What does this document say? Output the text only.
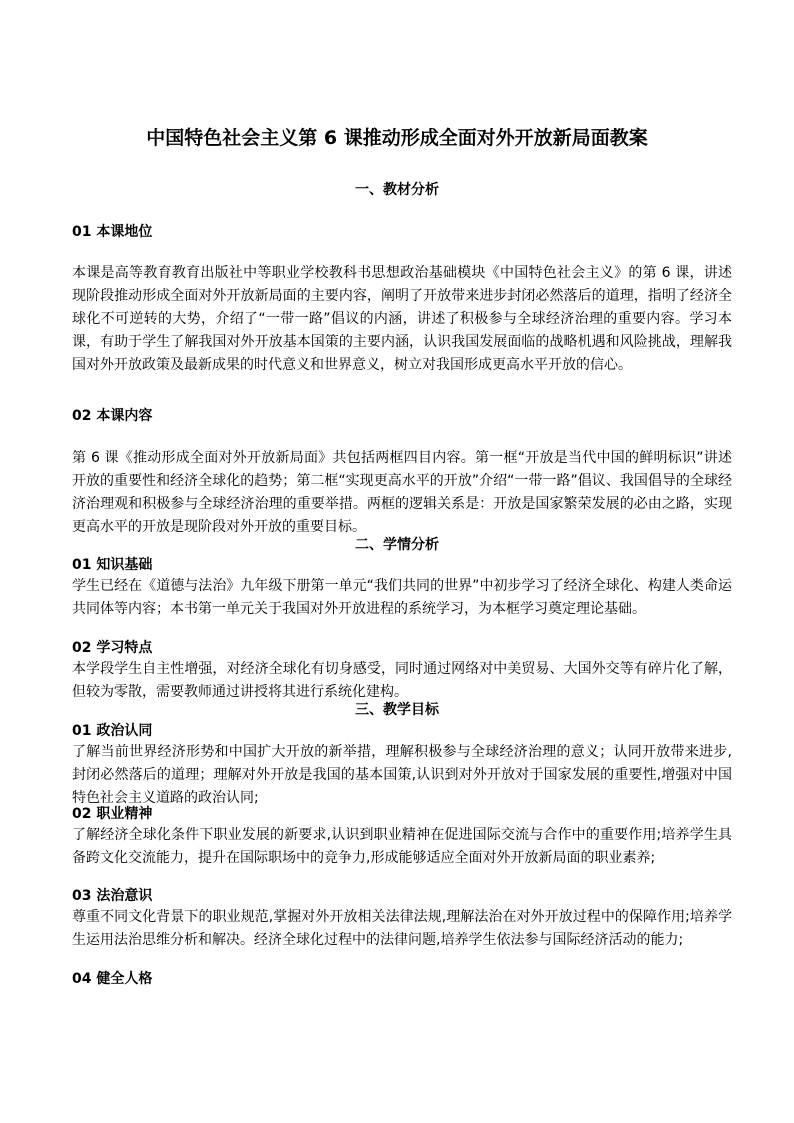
中国特色社会主义第 6 课推动形成全面对外开放新局面教案
一、教材分析
01 本课地位

本课是高等教育教育出版社中等职业学校教科书思想政治基础模块《中国特色社会主义》的第 6 课，讲述现阶段推动形成全面对外开放新局面的主要内容，阐明了开放带来进步封闭必然落后的道理，指明了经济全球化不可逆转的大势，介绍了“一带一路”倡议的内涵，讲述了积极参与全球经济治理的重要内容。学习本课，有助于学生了解我国对外开放基本国策的主要内涵，认识我国发展面临的战略机遇和风险挑战，理解我国对外开放政策及最新成果的时代意义和世界意义，树立对我国形成更高水平开放的信心。

02 本课内容

第 6 课《推动形成全面对外开放新局面》共包括两框四目内容。第一框“开放是当代中国的鲜明标识”讲述开放的重要性和经济全球化的趋势；第二框“实现更高水平的开放”介绍“一带一路”倡议、我国倡导的全球经济治理观和积极参与全球经济治理的重要举措。两框的逻辑关系是：开放是国家繁荣发展的必由之路，实现更高水平的开放是现阶段对外开放的重要目标。

二、学情分析
01 知识基础

学生已经在《道德与法治》九年级下册第一单元“我们共同的世界”中初步学习了经济全球化、构建人类命运共同体等内容；本书第一单元关于我国对外开放进程的系统学习，为本框学习奠定理论基础。

02 学习特点

本学段学生自主性增强，对经济全球化有切身感受，同时通过网络对中美贸易、大国外交等有碎片化了解，但较为零散，需要教师通过讲授将其进行系统化建构。

三、教学目标
01 政治认同

了解当前世界经济形势和中国扩大开放的新举措，理解积极参与全球经济治理的意义；认同开放带来进步,封闭必然落后的道理；理解对外开放是我国的基本国策,认识到对外开放对于国家发展的重要性,增强对中国特色社会主义道路的政治认同;

02 职业精神

了解经济全球化条件下职业发展的新要求,认识到职业精神在促进国际交流与合作中的重要作用;培养学生具备跨文化交流能力，提升在国际职场中的竞争力,形成能够适应全面对外开放新局面的职业素养;

03 法治意识

尊重不同文化背景下的职业规范,掌握对外开放相关法律法规,理解法治在对外开放过程中的保障作用;培养学生运用法治思维分析和解决。经济全球化过程中的法律问题,培养学生依法参与国际经济活动的能力;

04 健全人格
